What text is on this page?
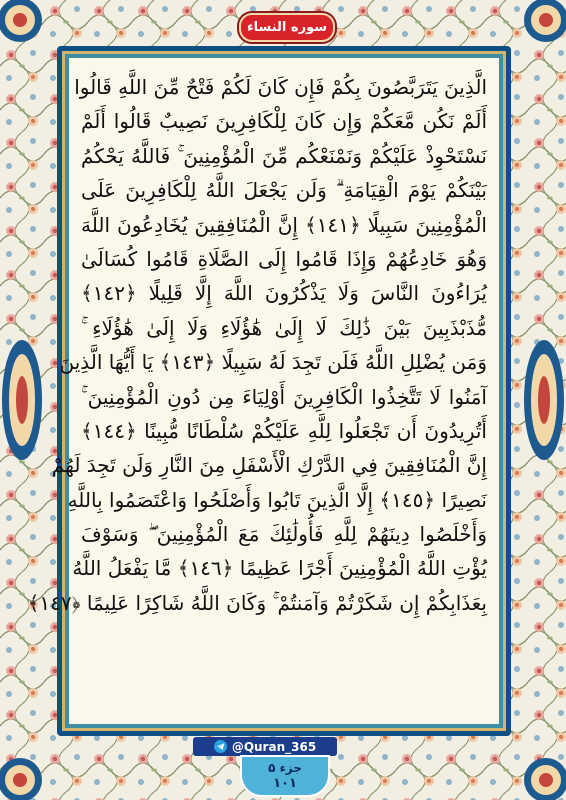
سوره النساء
الَّذِينَ يَتَرَبَّصُونَ بِكُمْ فَإِن كَانَ لَكُمْ فَتْحٌ مِّنَ اللَّهِ قَالُوا
أَلَمْ نَكُن مَّعَكُمْ وَإِن كَانَ لِلْكَافِرِينَ نَصِيبٌ قَالُوا أَلَمْ
نَسْتَحْوِذْ عَلَيْكُمْ وَنَمْنَعْكُم مِّنَ الْمُؤْمِنِينَ ۚ فَاللَّهُ يَحْكُمُ
بَيْنَكُمْ يَوْمَ الْقِيَامَةِ ۗ وَلَن يَجْعَلَ اللَّهُ لِلْكَافِرِينَ عَلَى
الْمُؤْمِنِينَ سَبِيلًا ﴿١٤١﴾ إِنَّ الْمُنَافِقِينَ يُخَادِعُونَ اللَّهَ
وَهُوَ خَادِعُهُمْ وَإِذَا قَامُوا إِلَى الصَّلَاةِ قَامُوا كُسَالَىٰ
يُرَاءُونَ النَّاسَ وَلَا يَذْكُرُونَ اللَّهَ إِلَّا قَلِيلًا ﴿١٤٢﴾
مُّذَبْذَبِينَ بَيْنَ ذَٰلِكَ لَا إِلَىٰ هَٰؤُلَاءِ وَلَا إِلَىٰ هَٰؤُلَاءِ ۚ
وَمَن يُضْلِلِ اللَّهُ فَلَن تَجِدَ لَهُ سَبِيلًا ﴿١٤٣﴾ يَا أَيُّهَا الَّذِينَ
آمَنُوا لَا تَتَّخِذُوا الْكَافِرِينَ أَوْلِيَاءَ مِن دُونِ الْمُؤْمِنِينَ ۚ
أَتُرِيدُونَ أَن تَجْعَلُوا لِلَّهِ عَلَيْكُمْ سُلْطَانًا مُّبِينًا ﴿١٤٤﴾
إِنَّ الْمُنَافِقِينَ فِي الدَّرْكِ الْأَسْفَلِ مِنَ النَّارِ وَلَن تَجِدَ لَهُمْ
نَصِيرًا ﴿١٤٥﴾ إِلَّا الَّذِينَ تَابُوا وَأَصْلَحُوا وَاعْتَصَمُوا بِاللَّهِ
وَأَخْلَصُوا دِينَهُمْ لِلَّهِ فَأُولَٰئِكَ مَعَ الْمُؤْمِنِينَ ۖ وَسَوْفَ
يُؤْتِ اللَّهُ الْمُؤْمِنِينَ أَجْرًا عَظِيمًا ﴿١٤٦﴾ مَّا يَفْعَلُ اللَّهُ
بِعَذَابِكُمْ إِن شَكَرْتُمْ وَآمَنتُمْ ۚ وَكَانَ اللَّهُ شَاكِرًا عَلِيمًا ﴿١٤٧﴾
@Quran_365
جزء ۵
۱۰۱
